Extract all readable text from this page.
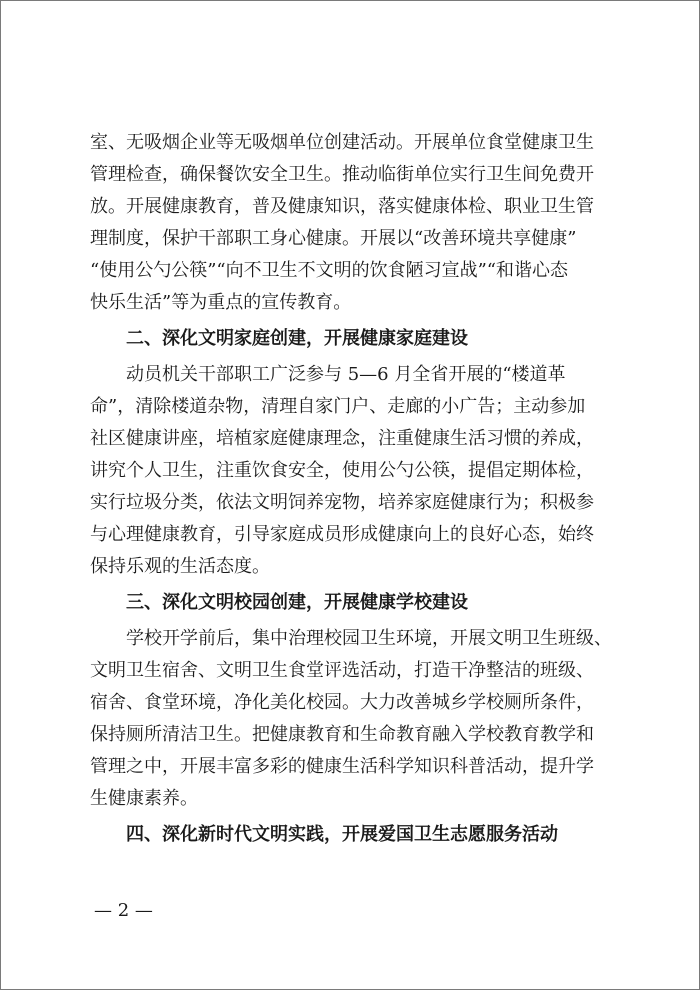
室、无吸烟企业等无吸烟单位创建活动。开展单位食堂健康卫生
管理检查，确保餐饮安全卫生。推动临街单位实行卫生间免费开
放。开展健康教育，普及健康知识，落实健康体检、职业卫生管
理制度，保护干部职工身心健康。开展以“改善环境共享健康”
“使用公勺公筷”“向不卫生不文明的饮食陋习宣战”“和谐心态
快乐生活”等为重点的宣传教育。
二、深化文明家庭创建，开展健康家庭建设
动员机关干部职工广泛参与 5—6 月全省开展的“楼道革
命”，清除楼道杂物，清理自家门户、走廊的小广告；主动参加
社区健康讲座，培植家庭健康理念，注重健康生活习惯的养成，
讲究个人卫生，注重饮食安全，使用公勺公筷，提倡定期体检，
实行垃圾分类，依法文明饲养宠物，培养家庭健康行为；积极参
与心理健康教育，引导家庭成员形成健康向上的良好心态，始终
保持乐观的生活态度。
三、深化文明校园创建，开展健康学校建设
学校开学前后，集中治理校园卫生环境，开展文明卫生班级、
文明卫生宿舍、文明卫生食堂评选活动，打造干净整洁的班级、
宿舍、食堂环境，净化美化校园。大力改善城乡学校厕所条件，
保持厕所清洁卫生。把健康教育和生命教育融入学校教育教学和
管理之中，开展丰富多彩的健康生活科学知识科普活动，提升学
生健康素养。
四、深化新时代文明实践，开展爱国卫生志愿服务活动
— 2 —
